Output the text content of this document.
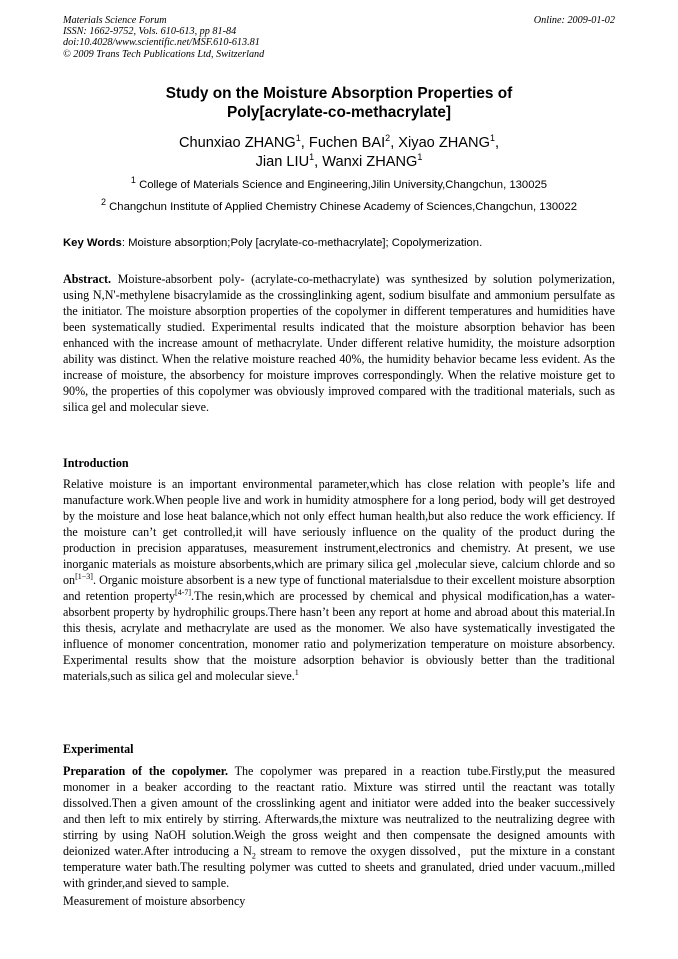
Materials Science Forum
ISSN: 1662-9752, Vols. 610-613, pp 81-84
doi:10.4028/www.scientific.net/MSF.610-613.81
© 2009 Trans Tech Publications Ltd, Switzerland
Online: 2009-01-02
Study on the Moisture Absorption Properties of
Poly[acrylate-co-methacrylate]
Chunxiao ZHANG$^1$, Fuchen BAI$^2$, Xiyao ZHANG$^1$,
Jian LIU$^1$, Wanxi ZHANG$^1$
$^1$ College of Materials Science and Engineering,Jilin University,Changchun, 130025
$^2$ Changchun Institute of Applied Chemistry Chinese Academy of Sciences,Changchun, 130022
Key Words: Moisture absorption;Poly [acrylate-co-methacrylate]; Copolymerization.

Abstract. Moisture-absorbent poly- (acrylate-co-methacrylate) was synthesized by solution polymerization, using N,N'-methylene bisacrylamide as the crossinglinking agent, sodium bisulfate and ammonium persulfate as the initiator. The moisture absorption properties of the copolymer in different temperatures and humidities have been systematically studied. Experimental results indicated that the moisture absorption behavior has been enhanced with the increase amount of methacrylate. Under different relative humidity, the moisture adsorption ability was distinct. When the relative moisture reached 40%, the humidity behavior became less evident. As the increase of moisture, the absorbency for moisture improves correspondingly. When the relative moisture get to 90%, the properties of this copolymer was obviously improved compared with the traditional materials, such as silica gel and molecular sieve.

Introduction

Relative moisture is an important environmental parameter,which has close relation with people’s life and manufacture work.When people live and work in humidity atmosphere for a long period, body will get destroyed by the moisture and lose heat balance,which not only effect human health,but also reduce the work efficiency. If the moisture can’t get controlled,it will have seriously influence on the quality of the product during the production in precision apparatuses, measurement instrument,electronics and chemistry. At present, we use inorganic materials as moisture absorbents,which are primary silica gel ,molecular sieve, calcium chlorde and so on[1−3]. Organic moisture absorbent is a new type of functional materialsdue to their excellent moisture absorption and retention property[4-7].The resin,which are processed by chemical and physical modification,has a water-absorbent property by hydrophilic groups.There hasn’t been any report at home and abroad about this material.In this thesis, acrylate and methacrylate are used as the monomer. We also have systematically investigated the influence of monomer concentration, monomer ratio and polymerization temperature on moisture absorbency. Experimental results show that the moisture adsorption behavior is obviously better than the traditional materials,such as silica gel and molecular sieve.$^1$

Experimental

Preparation of the copolymer. The copolymer was prepared in a reaction tube.Firstly,put the measured monomer in a beaker according to the reactant ratio. Mixture was stirred until the reactant was totally dissolved.Then a given amount of the crosslinking agent and initiator were added into the beaker successively and then left to mix entirely by stirring. Afterwards,the mixture was neutralized to the neutralizing degree with stirring by using NaOH solution.Weigh the gross weight and then compensate the designed amounts with deionized water.After introducing a $N_2$ stream to remove the oxygen dissolved，put the mixture in a constant temperature water bath.The resulting polymer was cutted to sheets and granulated, dried under vacuum.,milled with grinder,and sieved to sample.

Measurement of moisture absorbency
